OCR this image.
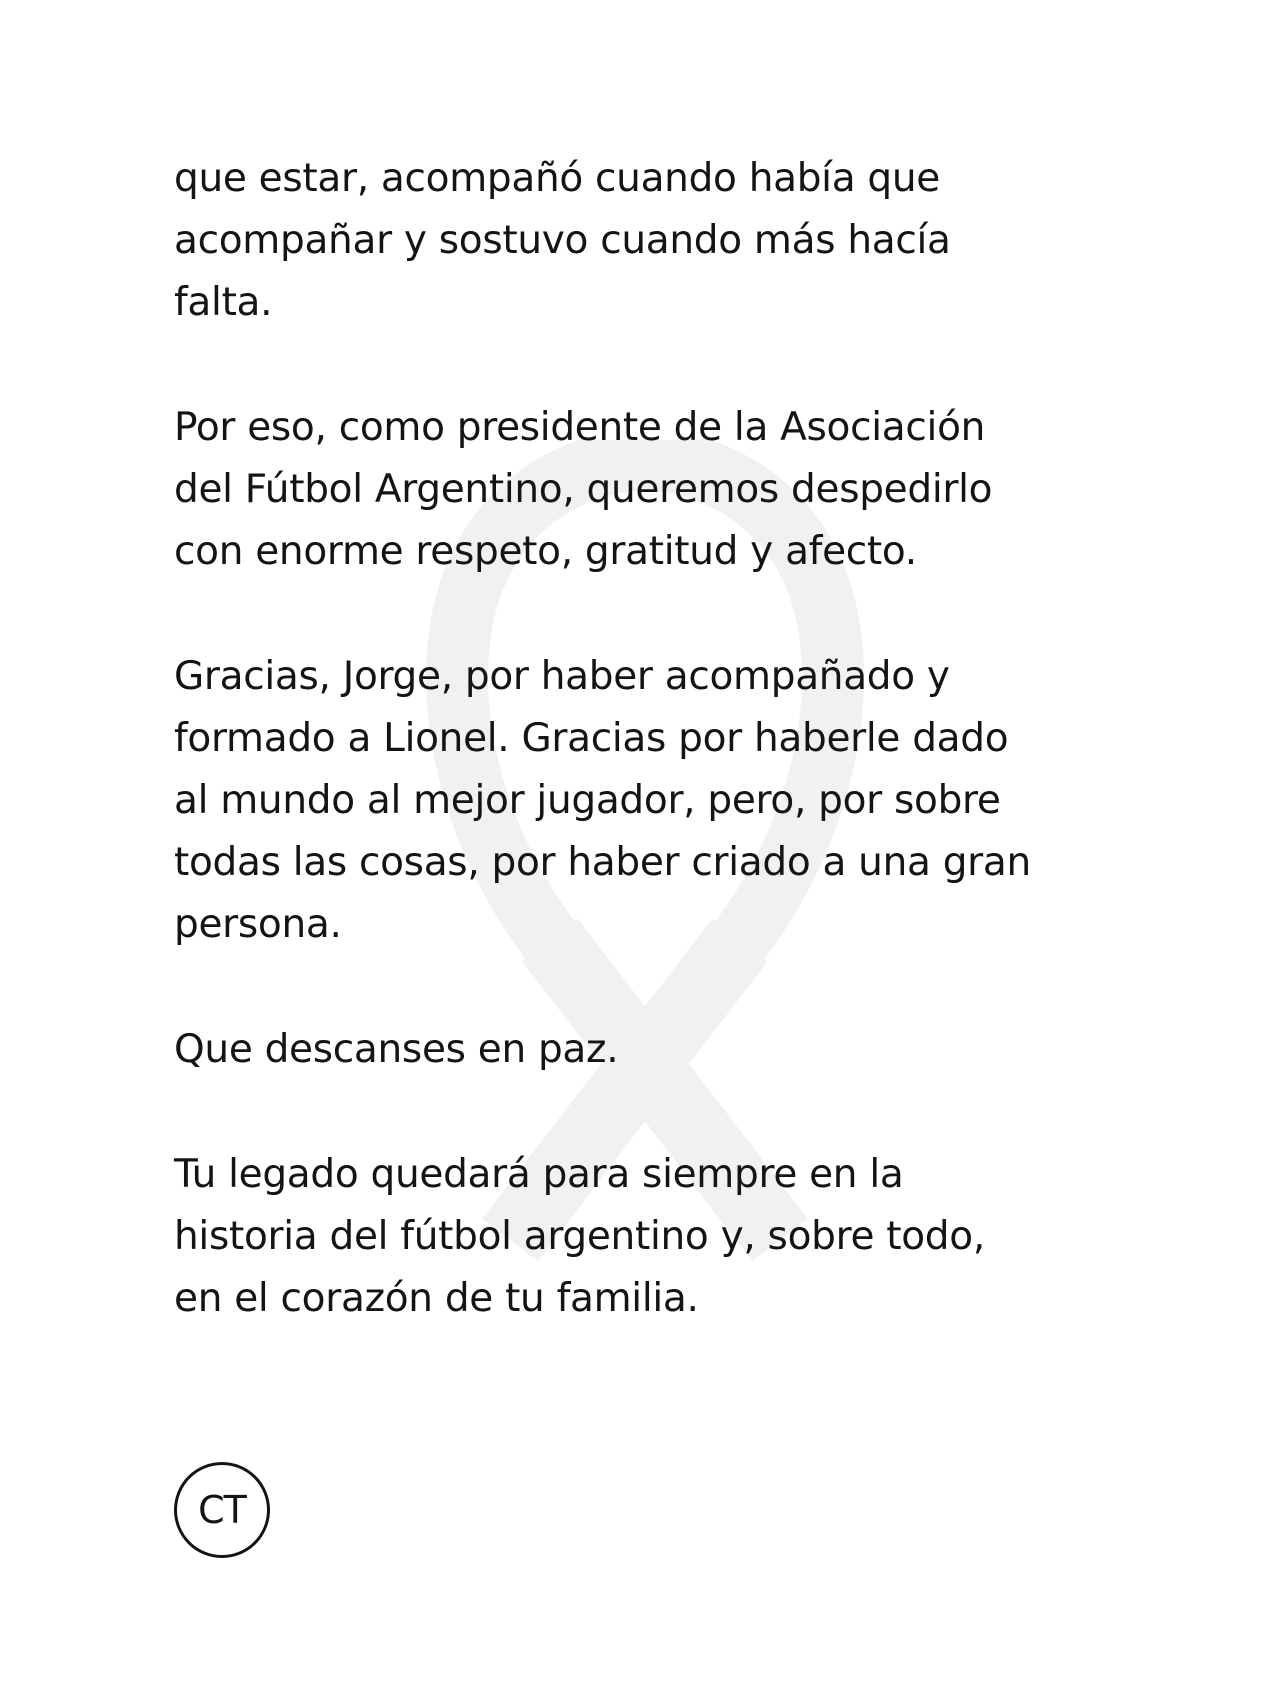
que estar, acompañó cuando había que
acompañar y sostuvo cuando más hacía
falta.

Por eso, como presidente de la Asociación
del Fútbol Argentino, queremos despedirlo
con enorme respeto, gratitud y afecto.

Gracias, Jorge, por haber acompañado y
formado a Lionel. Gracias por haberle dado
al mundo al mejor jugador, pero, por sobre
todas las cosas, por haber criado a una gran
persona.

Que descanses en paz.

Tu legado quedará para siempre en la
historia del fútbol argentino y, sobre todo,
en el corazón de tu familia.

CT
